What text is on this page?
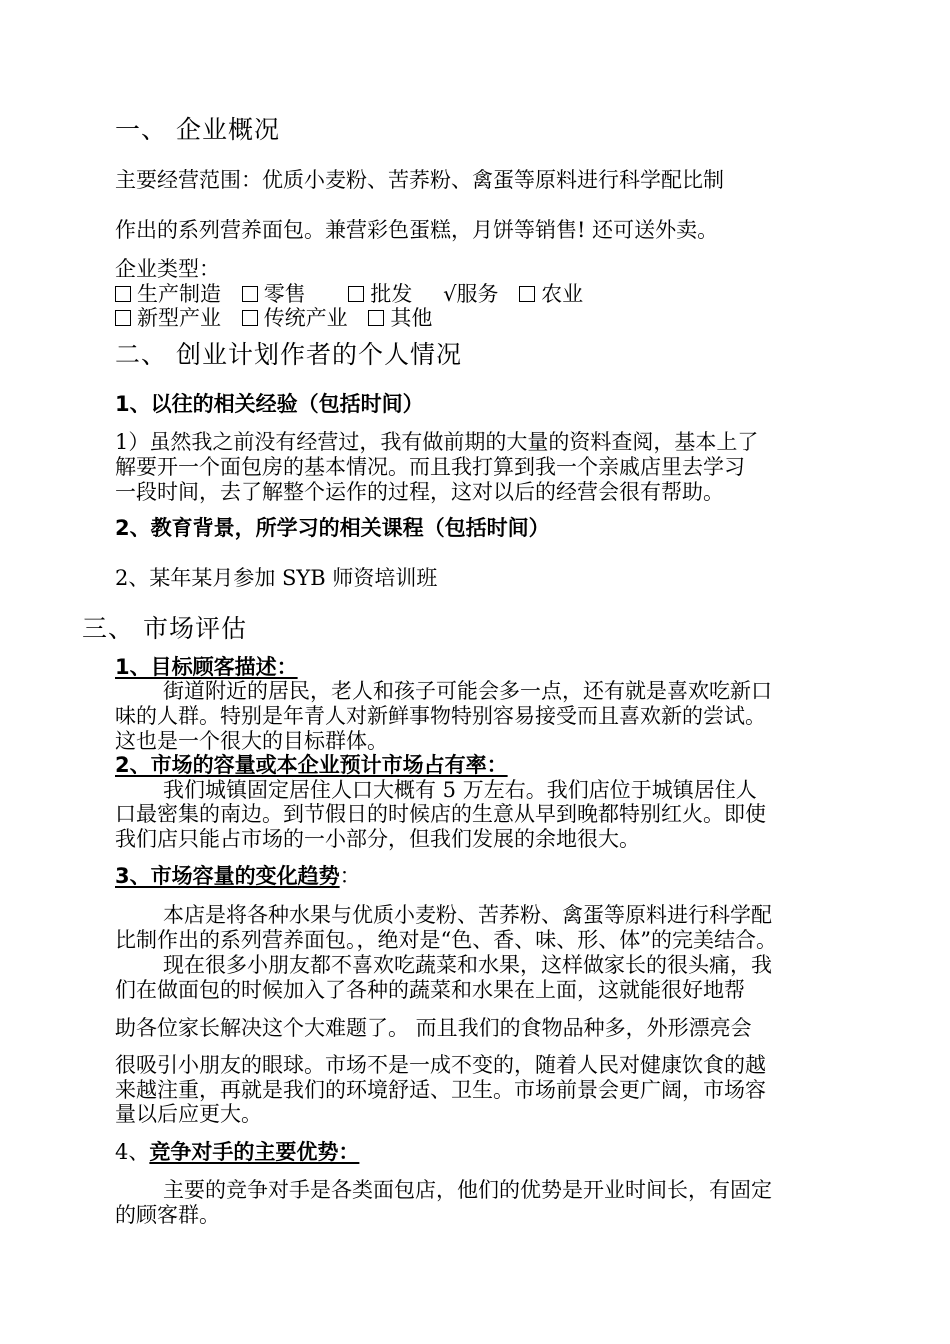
一、 企业概况
主要经营范围：优质小麦粉、苦荞粉、禽蛋等原料进行科学配比制
作出的系列营养面包。兼营彩色蛋糕，月饼等销售! 还可送外卖。
企业类型：
生产制造 零售	批发 √服务 农业
新型产业 传统产业 其他
二、 创业计划作者的个人情况
1、以往的相关经验（包括时间）
1）虽然我之前没有经营过，我有做前期的大量的资料查阅，基本上了
解要开一个面包房的基本情况。而且我打算到我一个亲戚店里去学习
一段时间，去了解整个运作的过程，这对以后的经营会很有帮助。
2、教育背景，所学习的相关课程（包括时间）
2、某年某月参加 SYB 师资培训班
三、 市场评估
1、目标顾客描述：
街道附近的居民，老人和孩子可能会多一点，还有就是喜欢吃新口
味的人群。特别是年青人对新鲜事物特别容易接受而且喜欢新的尝试。
这也是一个很大的目标群体。
2、市场的容量或本企业预计市场占有率：
我们城镇固定居住人口大概有 5 万左右。我们店位于城镇居住人
口最密集的南边。到节假日的时候店的生意从早到晚都特别红火。即使
我们店只能占市场的一小部分，但我们发展的余地很大。
3、市场容量的变化趋势：
本店是将各种水果与优质小麦粉、苦荞粉、禽蛋等原料进行科学配
比制作出的系列营养面包。，绝对是“色、香、味、形、体”的完美结合。
现在很多小朋友都不喜欢吃蔬菜和水果，这样做家长的很头痛，我
们在做面包的时候加入了各种的蔬菜和水果在上面，这就能很好地帮
助各位家长解决这个大难题了。 而且我们的食物品种多，外形漂亮会
很吸引小朋友的眼球。市场不是一成不变的，随着人民对健康饮食的越
来越注重，再就是我们的环境舒适、卫生。市场前景会更广阔，市场容
量以后应更大。
4、竞争对手的主要优势：
主要的竞争对手是各类面包店，他们的优势是开业时间长，有固定
的顾客群。
